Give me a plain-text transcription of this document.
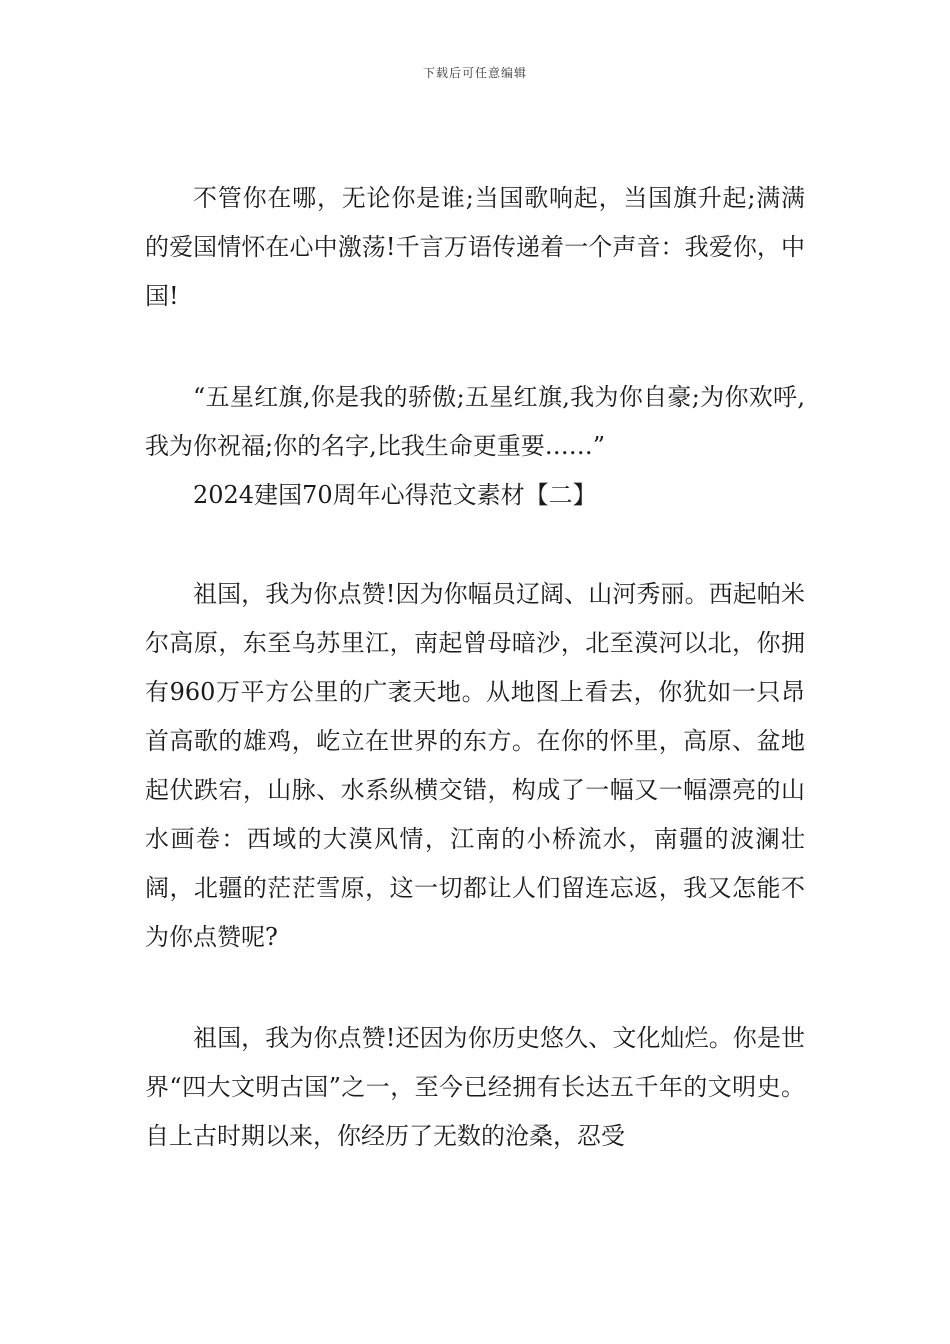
下载后可任意编辑

不管你在哪，无论你是谁;当国歌响起，当国旗升起;满满的爱国情怀在心中激荡!千言万语传递着一个声音：我爱你，中国!

“五星红旗,你是我的骄傲;五星红旗,我为你自豪;为你欢呼,我为你祝福;你的名字,比我生命更重要……”

2024建国70周年心得范文素材【二】

祖国，我为你点赞!因为你幅员辽阔、山河秀丽。西起帕米尔高原，东至乌苏里江，南起曾母暗沙，北至漠河以北，你拥有960万平方公里的广袤天地。从地图上看去，你犹如一只昂首高歌的雄鸡，屹立在世界的东方。在你的怀里，高原、盆地起伏跌宕，山脉、水系纵横交错，构成了一幅又一幅漂亮的山水画卷：西域的大漠风情，江南的小桥流水，南疆的波澜壮阔，北疆的茫茫雪原，这一切都让人们留连忘返，我又怎能不为你点赞呢?

祖国，我为你点赞!还因为你历史悠久、文化灿烂。你是世界“四大文明古国”之一，至今已经拥有长达五千年的文明史。自上古时期以来，你经历了无数的沧桑，忍受
